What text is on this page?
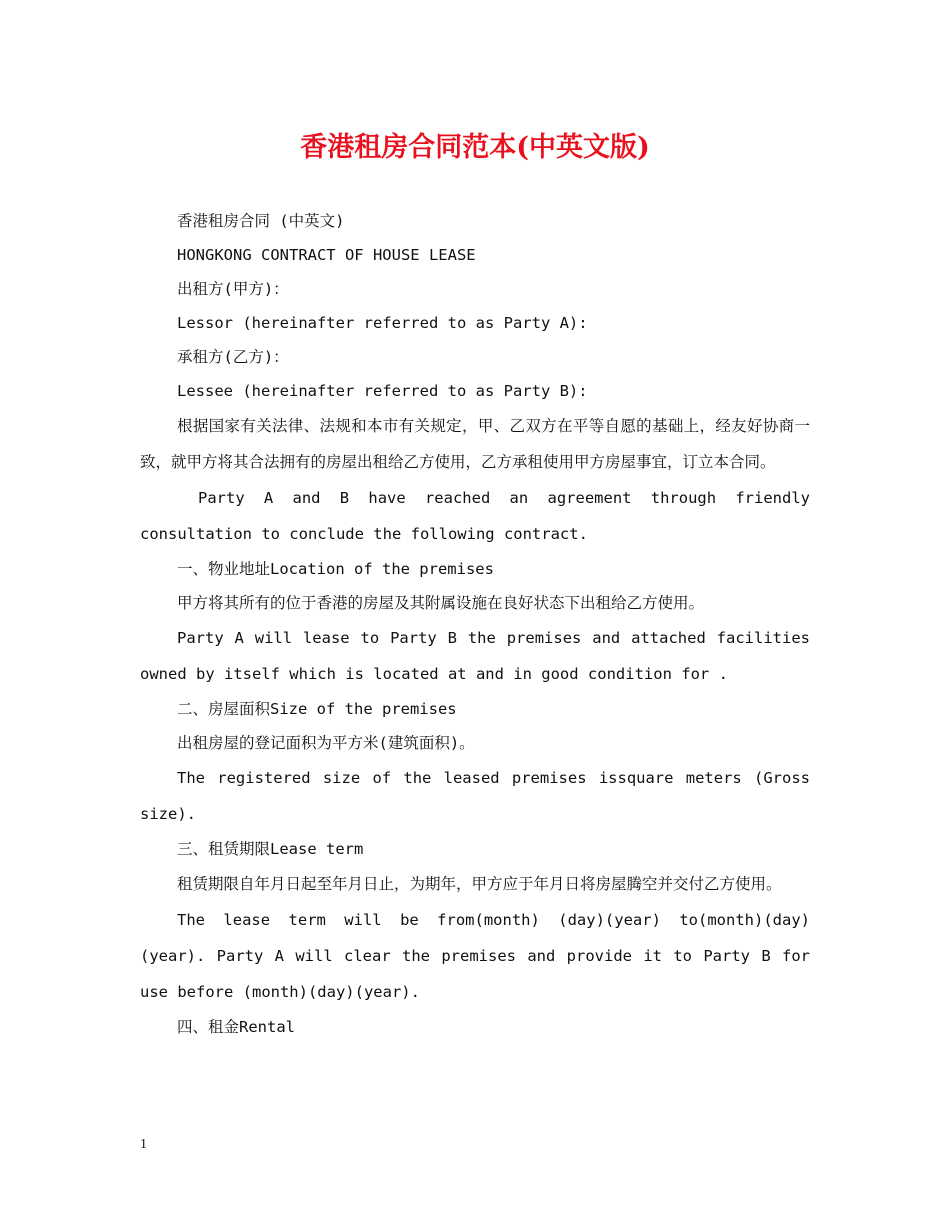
香港租房合同范本(中英文版)

香港租房合同 (中英文)

HONGKONG CONTRACT OF HOUSE LEASE

出租方(甲方)：

Lessor (hereinafter referred to as Party A):

承租方(乙方)：

Lessee (hereinafter referred to as Party B):

根据国家有关法律、法规和本市有关规定，甲、乙双方在平等自愿的基础上，经友好协商一致，就甲方将其合法拥有的房屋出租给乙方使用，乙方承租使用甲方房屋事宜，订立本合同。

Party A and B have reached an agreement through friendly consultation to conclude the following contract.

一、物业地址Location of the premises

甲方将其所有的位于香港的房屋及其附属设施在良好状态下出租给乙方使用。

Party A will lease to Party B the premises and attached facilities owned by itself which is located at and in good condition for .

二、房屋面积Size of the premises

出租房屋的登记面积为平方米(建筑面积)。

The registered size of the leased premises issquare meters (Gross size).

三、租赁期限Lease term

租赁期限自年月日起至年月日止，为期年，甲方应于年月日将房屋腾空并交付乙方使用。

The lease term will be from(month) (day)(year) to(month)(day)(year). Party A will clear the premises and provide it to Party B for use before (month)(day)(year).

四、租金Rental

1
